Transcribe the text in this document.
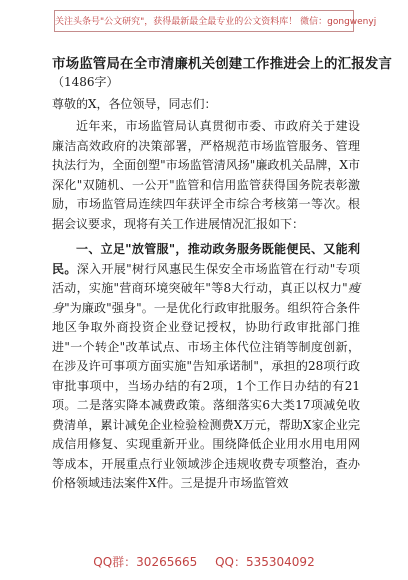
关注头条号"公文研究"，获得最新最全最专业的公文资料库！ 微信：gongwenyj
市场监管局在全市清廉机关创建工作推进会上的汇报发言
（1486字）
尊敬的X，各位领导，同志们：

近年来，市场监管局认真贯彻市委、市政府关于建设廉洁高效政府的决策部署，严格规范市场监管服务、管理执法行为，全面创塑"市场监管清风扬"廉政机关品牌，X市深化"双随机、一公开"监管和信用监管获得国务院表彰激励，市场监管局连续四年获评全市综合考核第一等次。根据会议要求，现将有关工作进展情况汇报如下：

一、立足"放管服"，推动政务服务既能便民、又能利民。深入开展"树行风惠民生保安全市场监管在行动"专项活动，实施"营商环境突破年"等8大行动，真正以权力"瘦身"为廉政"强身"。一是优化行政审批服务。组织符合条件地区争取外商投资企业登记授权，协助行政审批部门推进"一个转企"改革试点、市场主体代位注销等制度创新，在涉及许可事项方面实施"告知承诺制"，承担的28项行政审批事项中，当场办结的有2项，1个工作日办结的有21项。二是落实降本减费政策。落细落实6大类17项减免收费清单，累计减免企业检验检测费X万元，帮助X家企业完成信用修复、实现重新开业。围绕降低企业用水用电用网等成本，开展重点行业领域涉企违规收费专项整治，查办价格领域违法案件X件。三是提升市场监管效

QQ群：30265665 QQ：535304092
